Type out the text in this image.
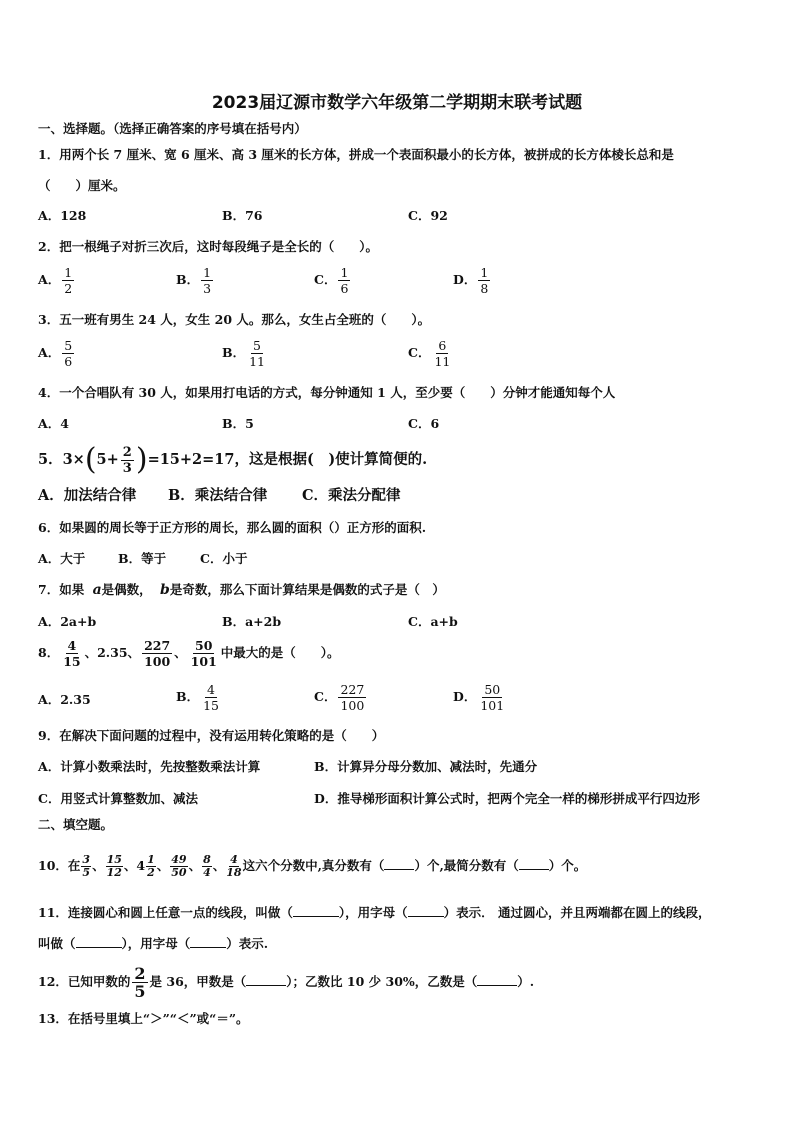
2023届辽源市数学六年级第二学期期末联考试题
一、选择题。（选择正确答案的序号填在括号内）
1．用两个长 7 厘米、宽 6 厘米、高 3 厘米的长方体，拼成一个表面积最小的长方体，被拼成的长方体棱长总和是
（　　）厘米。
A．128	B．76	C．92
2．把一根绳子对折三次后，这时每段绳子是全长的（　　）。
A． $\frac{1}{2}$	B． $\frac{1}{3}$	C． $\frac{1}{6}$	D． $\frac{1}{8}$
3．五一班有男生 24 人，女生 20 人。那么，女生占全班的（　　）。
A． $\frac{5}{6}$	B． $\frac{5}{11}$	C． $\frac{6}{11}$
4．一个合唱队有 30 人，如果用打电话的方式，每分钟通知 1 人，至少要（　　）分钟才能通知每个人
A．4	B．5	C．6
5．$3\times(5+ \frac{2}{3} )=15+2=17$，这是根据(　)使计算简便的.
A．加法结合律 B．乘法结合律 C．乘法分配律
6．如果圆的周长等于正方形的周长，那么圆的面积（）正方形的面积.
A．大于	B．等于	C．小于
7．如果 a是偶数， b是奇数，那么下面计算结果是偶数的式子是（　）
A．2a+b	B．a+2b	C．a+b
8． $\frac{4}{15}$ 、2.35、 $\frac{227}{100}$ 、 $\frac{50}{101}$ 中最大的是（　　）。
A．2.35	B． $\frac{4}{15}$	C． $\frac{227}{100}$	D． $\frac{50}{101}$
9．在解决下面问题的过程中，没有运用转化策略的是（　　）
A．计算小数乘法时，先按整数乘法计算	B．计算异分母分数加、减法时，先通分
C．用竖式计算整数加、减法	D．推导梯形面积计算公式时，把两个完全一样的梯形拼成平行四边形
二、填空题。
10．在 $\frac{3}{5}$ 、 $\frac{15}{12}$ 、$4 \frac{1}{2}$ 、 $\frac{49}{50}$ 、 $\frac{8}{4}$ 、 $\frac{4}{18}$ 这六个分数中,真分数有（ ）个,最简分数有（ ）个。
11．连接圆心和圆上任意一点的线段，叫做（	），用字母（	）表示． 通过圆心，并且两端都在圆上的线段，
叫做（	），用字母（	）表示.
12．已知甲数的 $\frac{2}{5}$ 是 36，甲数是（	）；乙数比 10 少 30%，乙数是（	）.
13．在括号里填上“＞”“＜”或“＝”。
